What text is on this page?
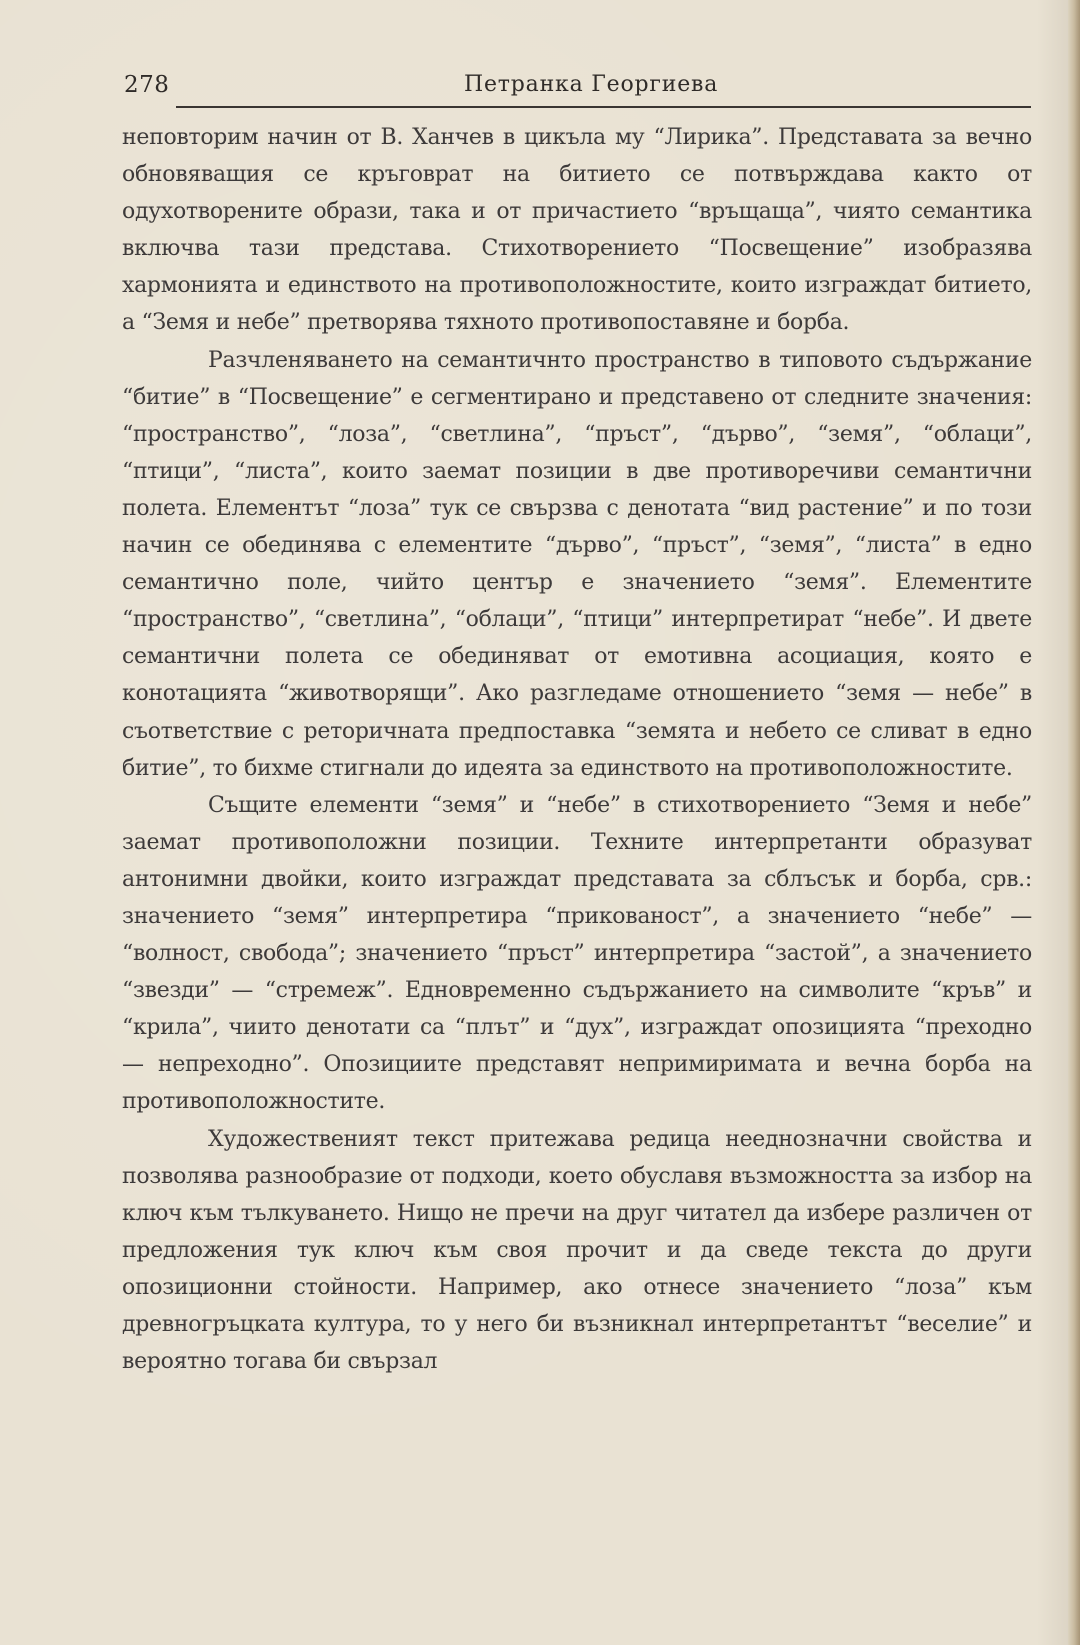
278	Петранка Георгиева

неповторим начин от В. Ханчев в цикъла му “Лирика”. Представата за вечно обновяващия се кръговрат на битието се потвърждава както от одухотворените образи, така и от причастието “връщаща”, чиято семантика включва тази представа. Стихотворението “Посвещение” изобразява хармонията и единството на противоположностите, които изграждат битието, а “Земя и небе” претворява тяхното противопоставяне и борба.

Разчленяването на семантичнто пространство в типовото съдържание “битие” в “Посвещение” е сегментирано и представено от следните значения: “пространство”, “лоза”, “светлина”, “пръст”, “дърво”, “земя”, “облаци”, “птици”, “листа”, които заемат позиции в две противоречиви семантични полета. Елементът “лоза” тук се свързва с денотата “вид растение” и по този начин се обединява с елементите “дърво”, “пръст”, “земя”, “листа” в едно семантично поле, чийто център е значението “земя”. Елементите “пространство”, “светлина”, “облаци”, “птици” интерпретират “небе”. И двете семантични полета се обединяват от емотивна асоциация, която е конотацията “животворящи”. Ако разгледаме отношението “земя — небе” в съответствие с реторичната предпоставка “земята и небето се сливат в едно битие”, то бихме стигнали до идеята за единството на противоположностите.

Същите елементи “земя” и “небе” в стихотворението “Земя и небе” заемат противоположни позиции. Техните интерпретанти образуват антонимни двойки, които изграждат представата за сблъсък и борба, срв.: значението “земя” интерпретира “прикованост”, а значението “небе” — “волност, свобода”; значението “пръст” интерпретира “застой”, а значението “звезди” — “стремеж”. Едновременно съдържанието на символите “кръв” и “крила”, чиито денотати са “плът” и “дух”, изграждат опозицията “преходно — непреходно”. Опозициите представят непримиримата и вечна борба на противоположностите.

Художественият текст притежава редица нееднозначни свойства и позволява разнообразие от подходи, което обуславя възможността за избор на ключ към тълкуването. Нищо не пречи на друг читател да избере различен от предложения тук ключ към своя прочит и да сведе текста до други опозиционни стойности. Например, ако отнесе значението “лоза” към древногръцката култура, то у него би възникнал интерпретантът “веселие” и вероятно тогава би свързал
